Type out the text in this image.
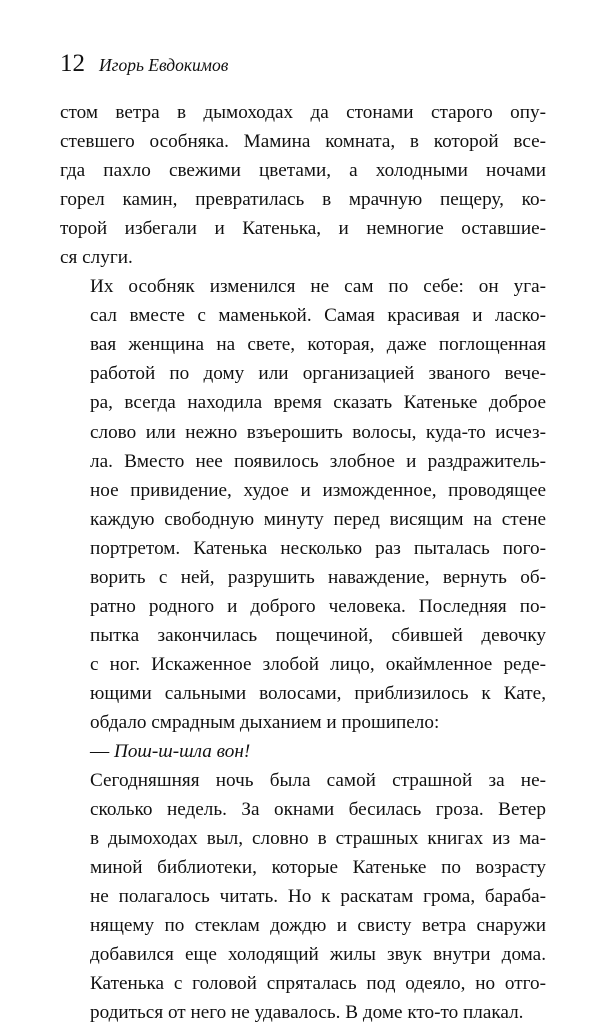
12 Игорь Евдокимов

стом ветра в дымоходах да стонами старого опу-
стевшего особняка. Мамина комната, в которой все-
гда пахло свежими цветами, а холодными ночами
горел камин, превратилась в мрачную пещеру, ко-
торой избегали и Катенька, и немногие оставшие-
ся слуги.

Их особняк изменился не сам по себе: он уга-
сал вместе с маменькой. Самая красивая и ласко-
вая женщина на свете, которая, даже поглощенная
работой по дому или организацией званого вече-
ра, всегда находила время сказать Катеньке доброе
слово или нежно взъерошить волосы, куда-то исчез-
ла. Вместо нее появилось злобное и раздражитель-
ное привидение, худое и изможденное, проводящее
каждую свободную минуту перед висящим на стене
портретом. Катенька несколько раз пыталась пого-
ворить с ней, разрушить наваждение, вернуть об-
ратно родного и доброго человека. Последняя по-
пытка закончилась пощечиной, сбившей девочку
с ног. Искаженное злобой лицо, окаймленное реде-
ющими сальными волосами, приблизилось к Кате,
обдало смрадным дыханием и прошипело:

— Пош-ш-шла вон!

Сегодняшняя ночь была самой страшной за не-
сколько недель. За окнами бесилась гроза. Ветер
в дымоходах выл, словно в страшных книгах из ма-
миной библиотеки, которые Катеньке по возрасту
не полагалось читать. Но к раскатам грома, бараба-
нящему по стеклам дождю и свисту ветра снаружи
добавился еще холодящий жилы звук внутри дома.
Катенька с головой спряталась под одеяло, но отго-
родиться от него не удавалось. В доме кто-то плакал.
